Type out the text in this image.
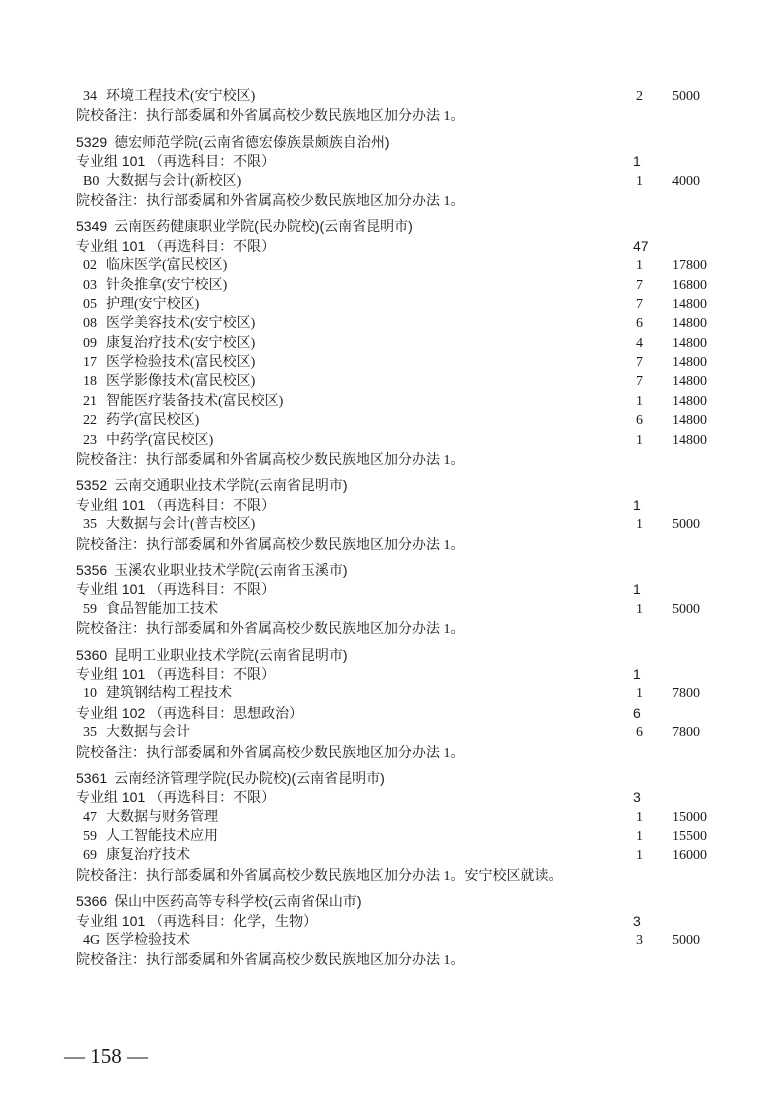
34 环境工程技术(安宁校区)	2 5000
院校备注：执行部委属和外省属高校少数民族地区加分办法 1。
5329 德宏师范学院(云南省德宏傣族景颇族自治州)
专业组 101 （再选科目：不限）	1
B0 大数据与会计(新校区)	1 4000
院校备注：执行部委属和外省属高校少数民族地区加分办法 1。
5349 云南医药健康职业学院(民办院校)(云南省昆明市)
专业组 101 （再选科目：不限）	47
02 临床医学(富民校区)	1 17800
03 针灸推拿(安宁校区)	7 16800
05 护理(安宁校区)	7 14800
08 医学美容技术(安宁校区)	6 14800
09 康复治疗技术(安宁校区)	4 14800
17 医学检验技术(富民校区)	7 14800
18 医学影像技术(富民校区)	7 14800
21 智能医疗装备技术(富民校区)	1 14800
22 药学(富民校区)	6 14800
23 中药学(富民校区)	1 14800
院校备注：执行部委属和外省属高校少数民族地区加分办法 1。
5352 云南交通职业技术学院(云南省昆明市)
专业组 101 （再选科目：不限）	1
35 大数据与会计(普吉校区)	1 5000
院校备注：执行部委属和外省属高校少数民族地区加分办法 1。
5356 玉溪农业职业技术学院(云南省玉溪市)
专业组 101 （再选科目：不限）	1
59 食品智能加工技术	1 5000
院校备注：执行部委属和外省属高校少数民族地区加分办法 1。
5360 昆明工业职业技术学院(云南省昆明市)
专业组 101 （再选科目：不限）	1
10 建筑钢结构工程技术	1 7800
专业组 102 （再选科目：思想政治）	6
35 大数据与会计	6 7800
院校备注：执行部委属和外省属高校少数民族地区加分办法 1。
5361 云南经济管理学院(民办院校)(云南省昆明市)
专业组 101 （再选科目：不限）	3
47 大数据与财务管理	1 15000
59 人工智能技术应用	1 15500
69 康复治疗技术	1 16000
院校备注：执行部委属和外省属高校少数民族地区加分办法 1。安宁校区就读。
5366 保山中医药高等专科学校(云南省保山市)
专业组 101 （再选科目：化学，生物）	3
4G 医学检验技术	3 5000
院校备注：执行部委属和外省属高校少数民族地区加分办法 1。
— 158 —
